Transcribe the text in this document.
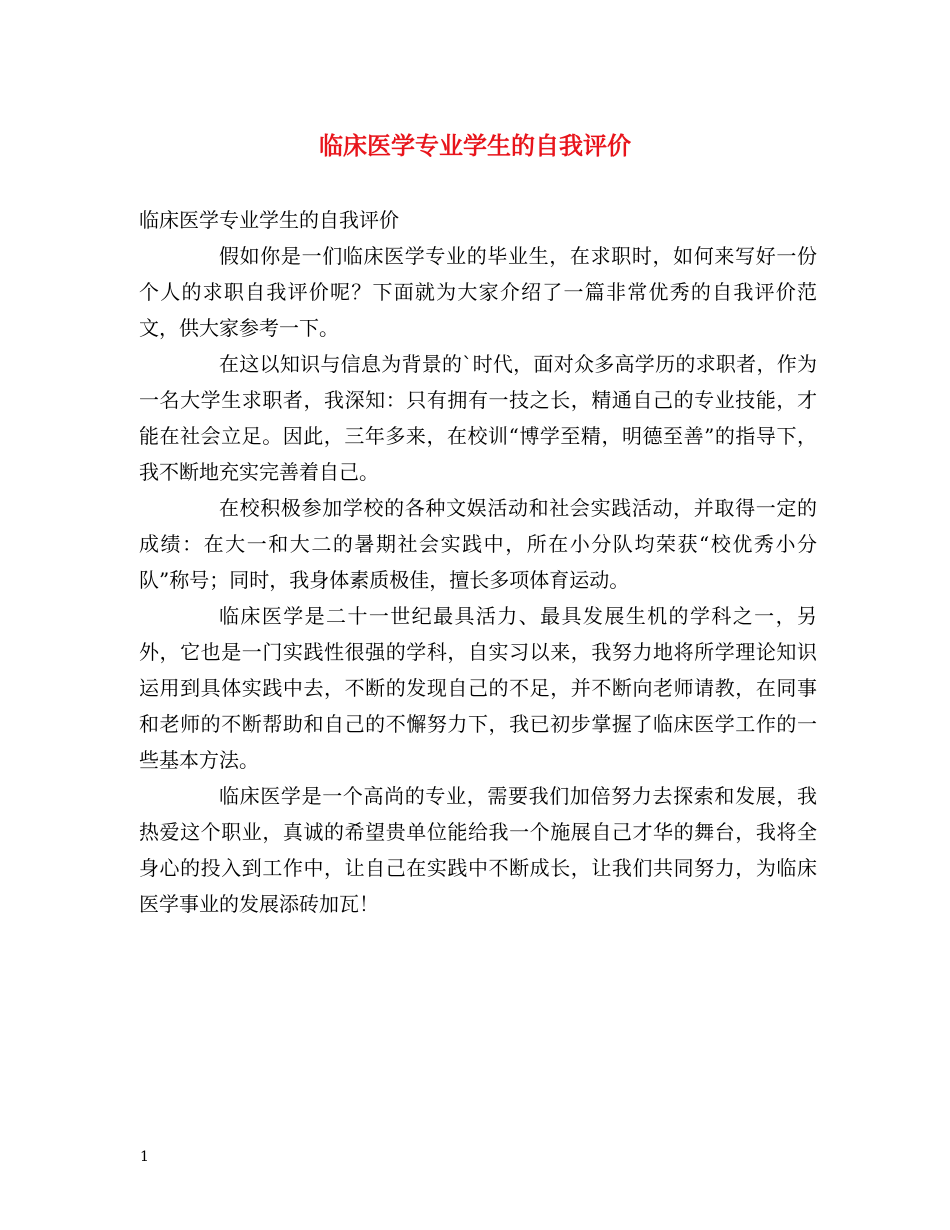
临床医学专业学生的自我评价

临床医学专业学生的自我评价

假如你是一们临床医学专业的毕业生，在求职时，如何来写好一份个人的求职自我评价呢？下面就为大家介绍了一篇非常优秀的自我评价范文，供大家参考一下。

在这以知识与信息为背景的`时代，面对众多高学历的求职者，作为一名大学生求职者，我深知：只有拥有一技之长，精通自己的专业技能，才能在社会立足。因此，三年多来，在校训“博学至精，明德至善”的指导下，我不断地充实完善着自己。

在校积极参加学校的各种文娱活动和社会实践活动，并取得一定的成绩：在大一和大二的暑期社会实践中，所在小分队均荣获“校优秀小分队”称号；同时，我身体素质极佳，擅长多项体育运动。

临床医学是二十一世纪最具活力、最具发展生机的学科之一，另外，它也是一门实践性很强的学科，自实习以来，我努力地将所学理论知识运用到具体实践中去，不断的发现自己的不足，并不断向老师请教，在同事和老师的不断帮助和自己的不懈努力下，我已初步掌握了临床医学工作的一些基本方法。

临床医学是一个高尚的专业，需要我们加倍努力去探索和发展，我热爱这个职业，真诚的希望贵单位能给我一个施展自己才华的舞台，我将全身心的投入到工作中，让自己在实践中不断成长，让我们共同努力，为临床医学事业的发展添砖加瓦！

1
